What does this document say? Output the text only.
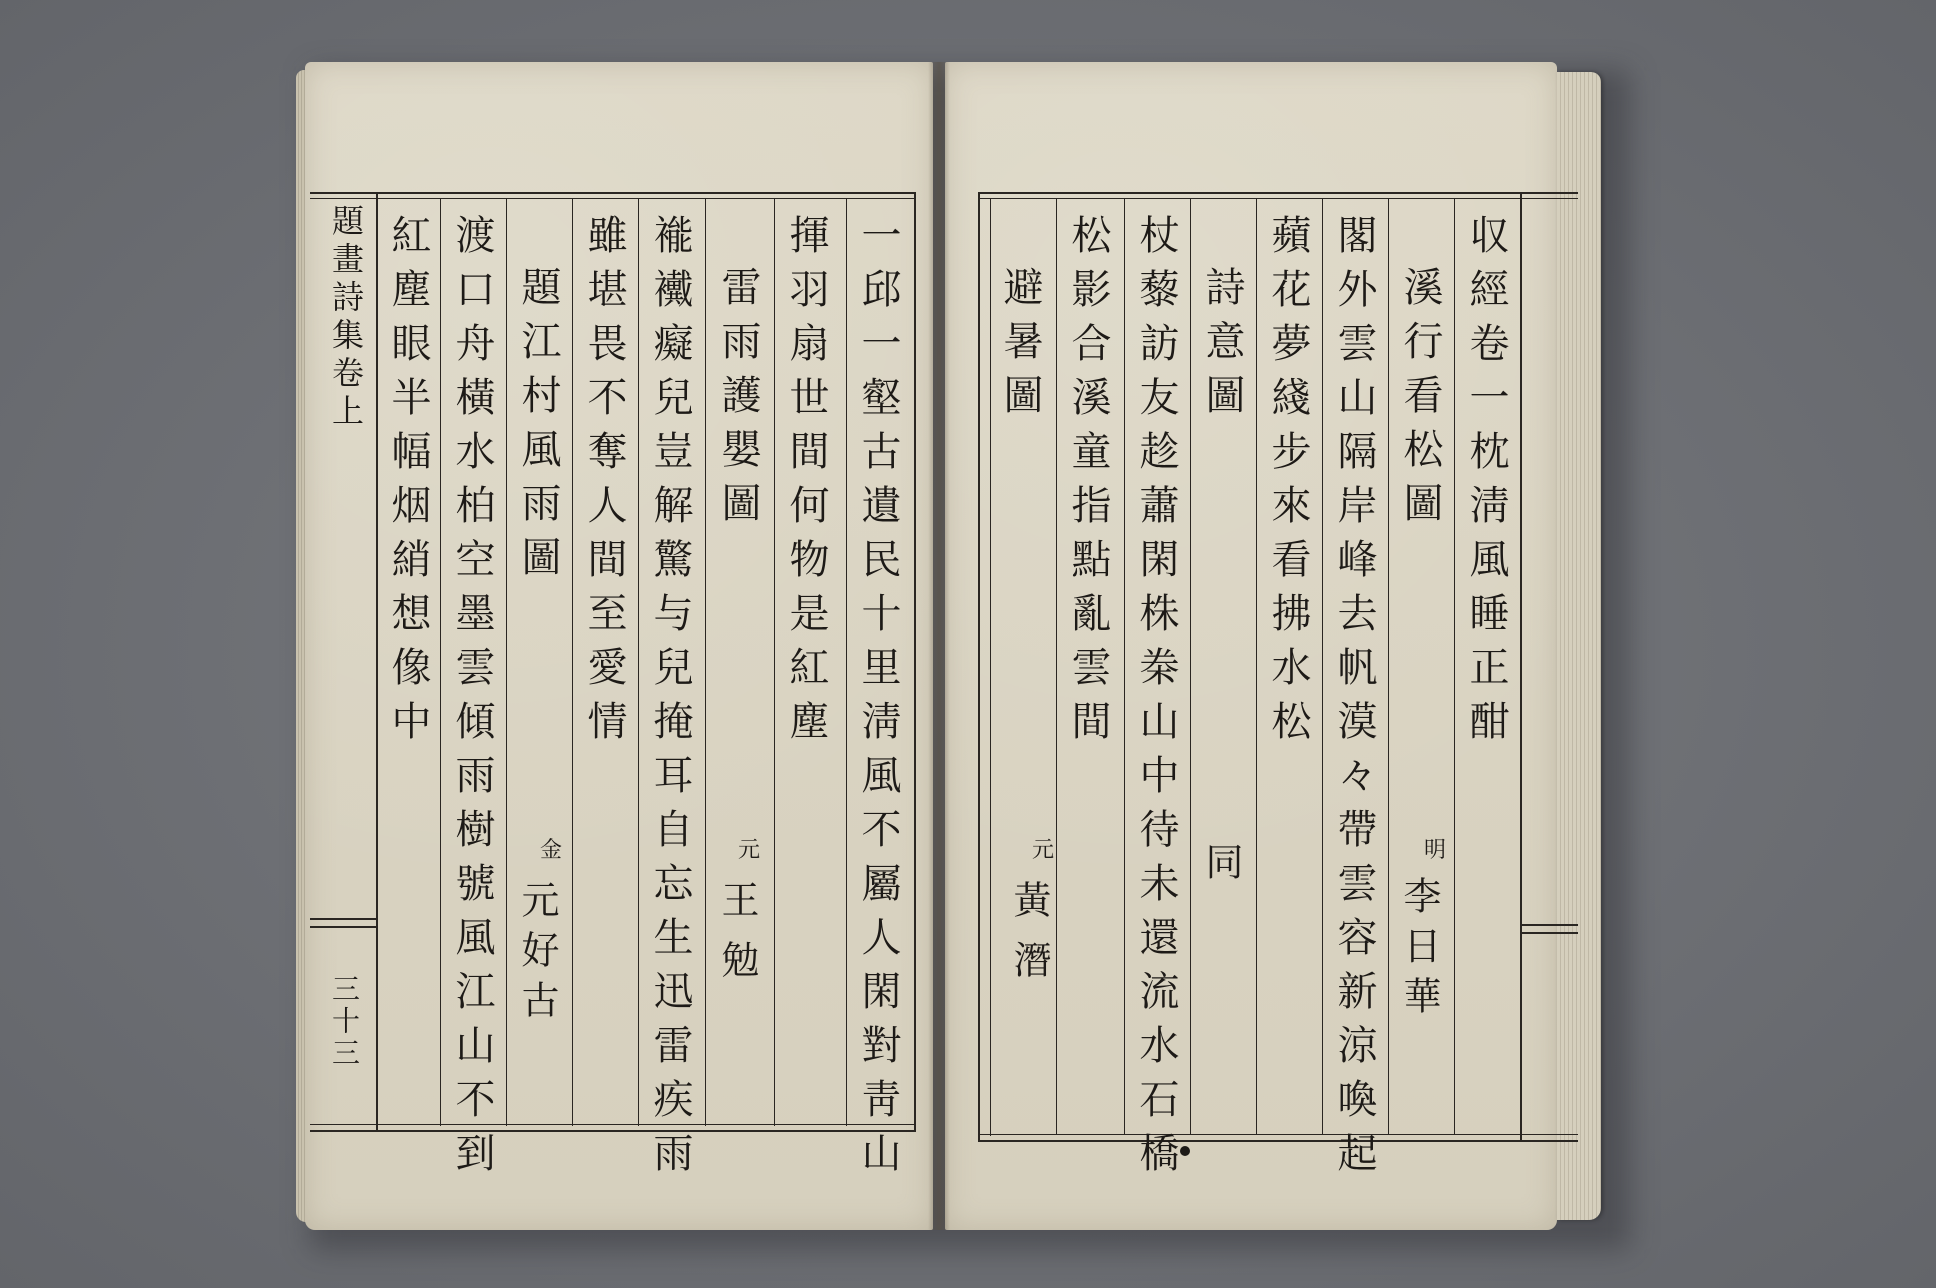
題畫詩集卷上
三十三	一邱一壑古遺民十里淸風不屬人閑對靑山
揮羽扇世間何物是紅塵
雷雨護嬰圖
褦襶癡兒豈解驚与兒掩耳自忘生迅雷疾雨
雖堪畏不奪人間至愛情
題江村風雨圖
渡口舟橫水柏空墨雲傾雨樹號風江山不到
紅塵眼半幅烟綃想像中
元
王勉
金
元好古
収經卷一枕淸風睡正酣
溪行看松圖
閣外雲山隔岸峰去帆漠々帶雲容新涼喚起
蘋花夢綫步來看拂水松
詩意圖
杖藜訪友趁蕭閑株桊山中待未還流水石橋
松影合溪童指點亂雲間
避暑圖
明
李日華
同
元
黃潛
